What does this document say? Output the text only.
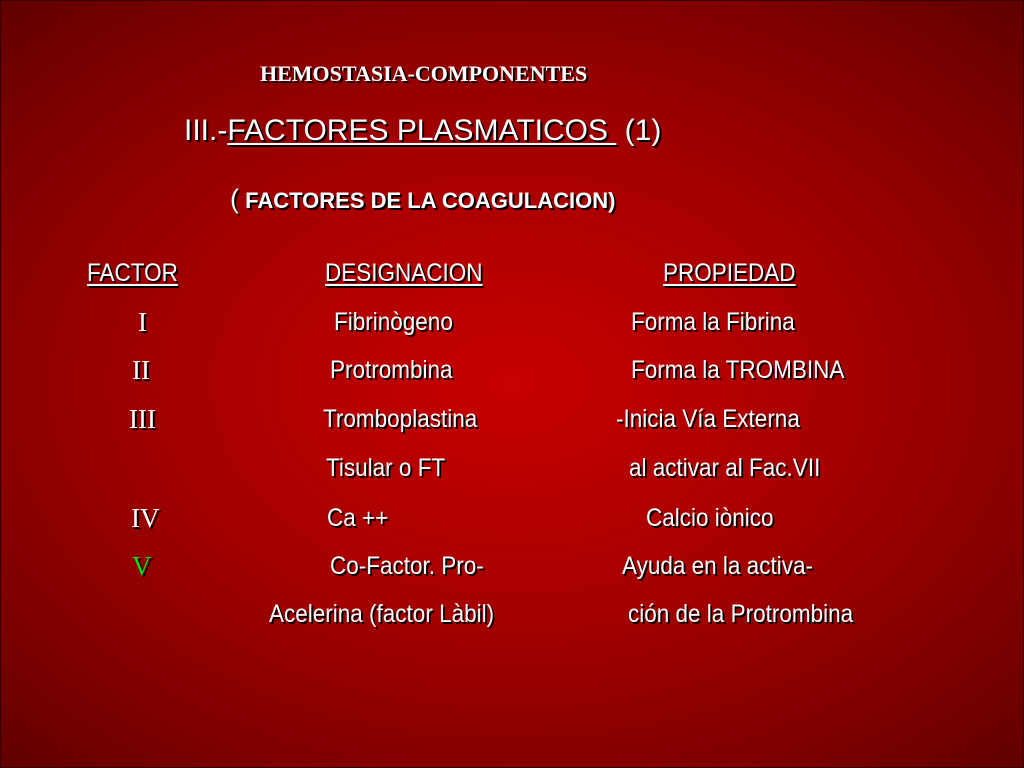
HEMOSTASIA-COMPONENTES
III.-FACTORES PLASMATICOS  (1)
( FACTORES DE LA COAGULACION)
FACTOR	DESIGNACION	PROPIEDAD
I	Fibrinògeno	Forma la Fibrina
II	Protrombina	Forma la TROMBINA
III	Tromboplastina	-Inicia Vía Externa
Tisular o FT	al activar al Fac.VII
IV	Ca ++	Calcio iònico
V	Co-Factor. Pro-	Ayuda en la activa-
Acelerina (factor Làbil)	ción de la Protrombina
